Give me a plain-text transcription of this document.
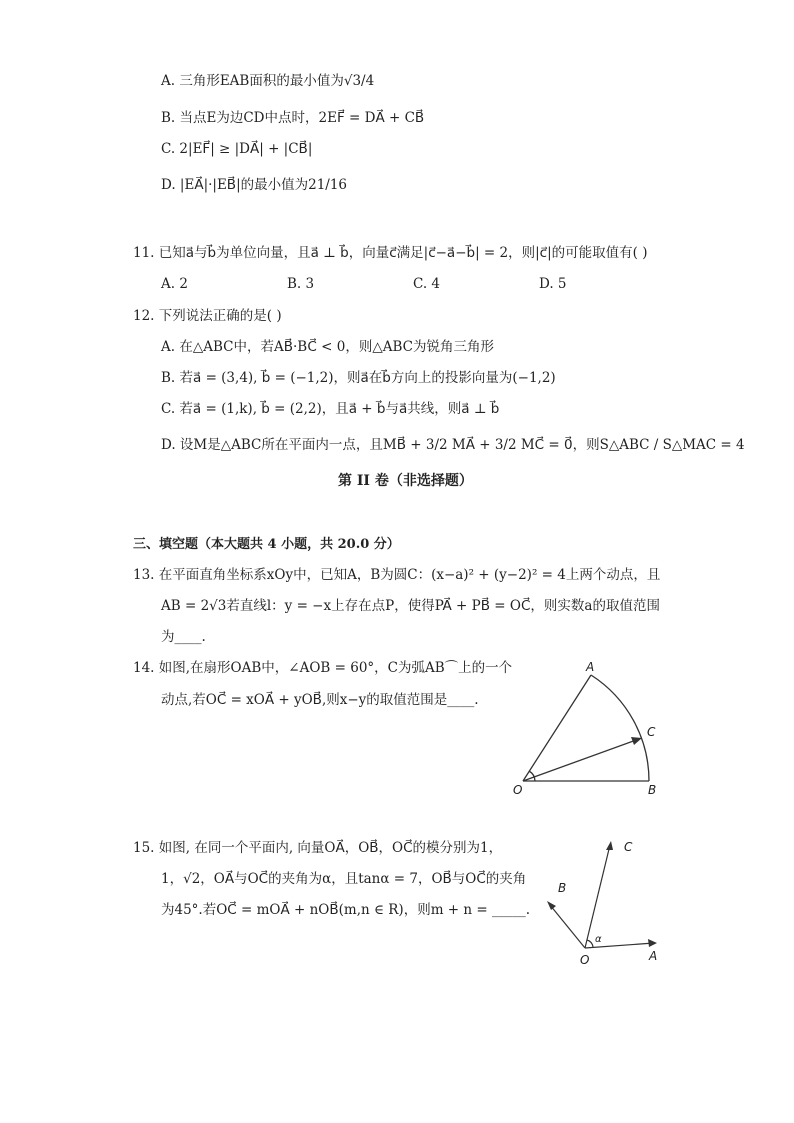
A. 三角形EAB面积的最小值为√3/4
B. 当点E为边CD中点时，2EF⃗ = DA⃗ + CB⃗
C. 2|EF⃗| ≥ |DA⃗| + |CB⃗|
D. |EA⃗|·|EB⃗|的最小值为21/16
11. 已知a⃗与b⃗为单位向量，且a⃗ ⊥ b⃗，向量c⃗满足|c⃗−a⃗−b⃗| = 2，则|c⃗|的可能取值有( )
A. 2	B. 3	C. 4	D. 5
12. 下列说法正确的是( )
A. 在△ABC中，若AB⃗·BC⃗ < 0，则△ABC为锐角三角形
B. 若a⃗ = (3,4), b⃗ = (−1,2)，则a⃗在b⃗方向上的投影向量为(−1,2)
C. 若a⃗ = (1,k), b⃗ = (2,2)，且a⃗ + b⃗与a⃗共线，则a⃗ ⊥ b⃗
D. 设M是△ABC所在平面内一点，且MB⃗ + 3/2 MA⃗ + 3/2 MC⃗ = 0⃗，则S△ABC / S△MAC = 4
第 II 卷（非选择题）
三、填空题（本大题共 4 小题，共 20.0 分）
13. 在平面直角坐标系xOy中，已知A，B为圆C：(x−a)² + (y−2)² = 4上两个动点，且
AB = 2√3若直线l：y = −x上存在点P，使得PA⃗ + PB⃗ = OC⃗，则实数a的取值范围
为____.
14. 如图,在扇形OAB中，∠AOB = 60°，C为弧AB⌒上的一个
动点,若OC⃗ = xOA⃗ + yOB⃗,则x−y的取值范围是____.
A
C
O	B
15. 如图, 在同一个平面内, 向量OA⃗，OB⃗，OC⃗的模分别为1，
1，√2，OA⃗与OC⃗的夹角为α，且tanα = 7，OB⃗与OC⃗的夹角
为45°.若OC⃗ = mOA⃗ + nOB⃗(m,n ∈ R)，则m + n = _____.
C
B
α
O	A
